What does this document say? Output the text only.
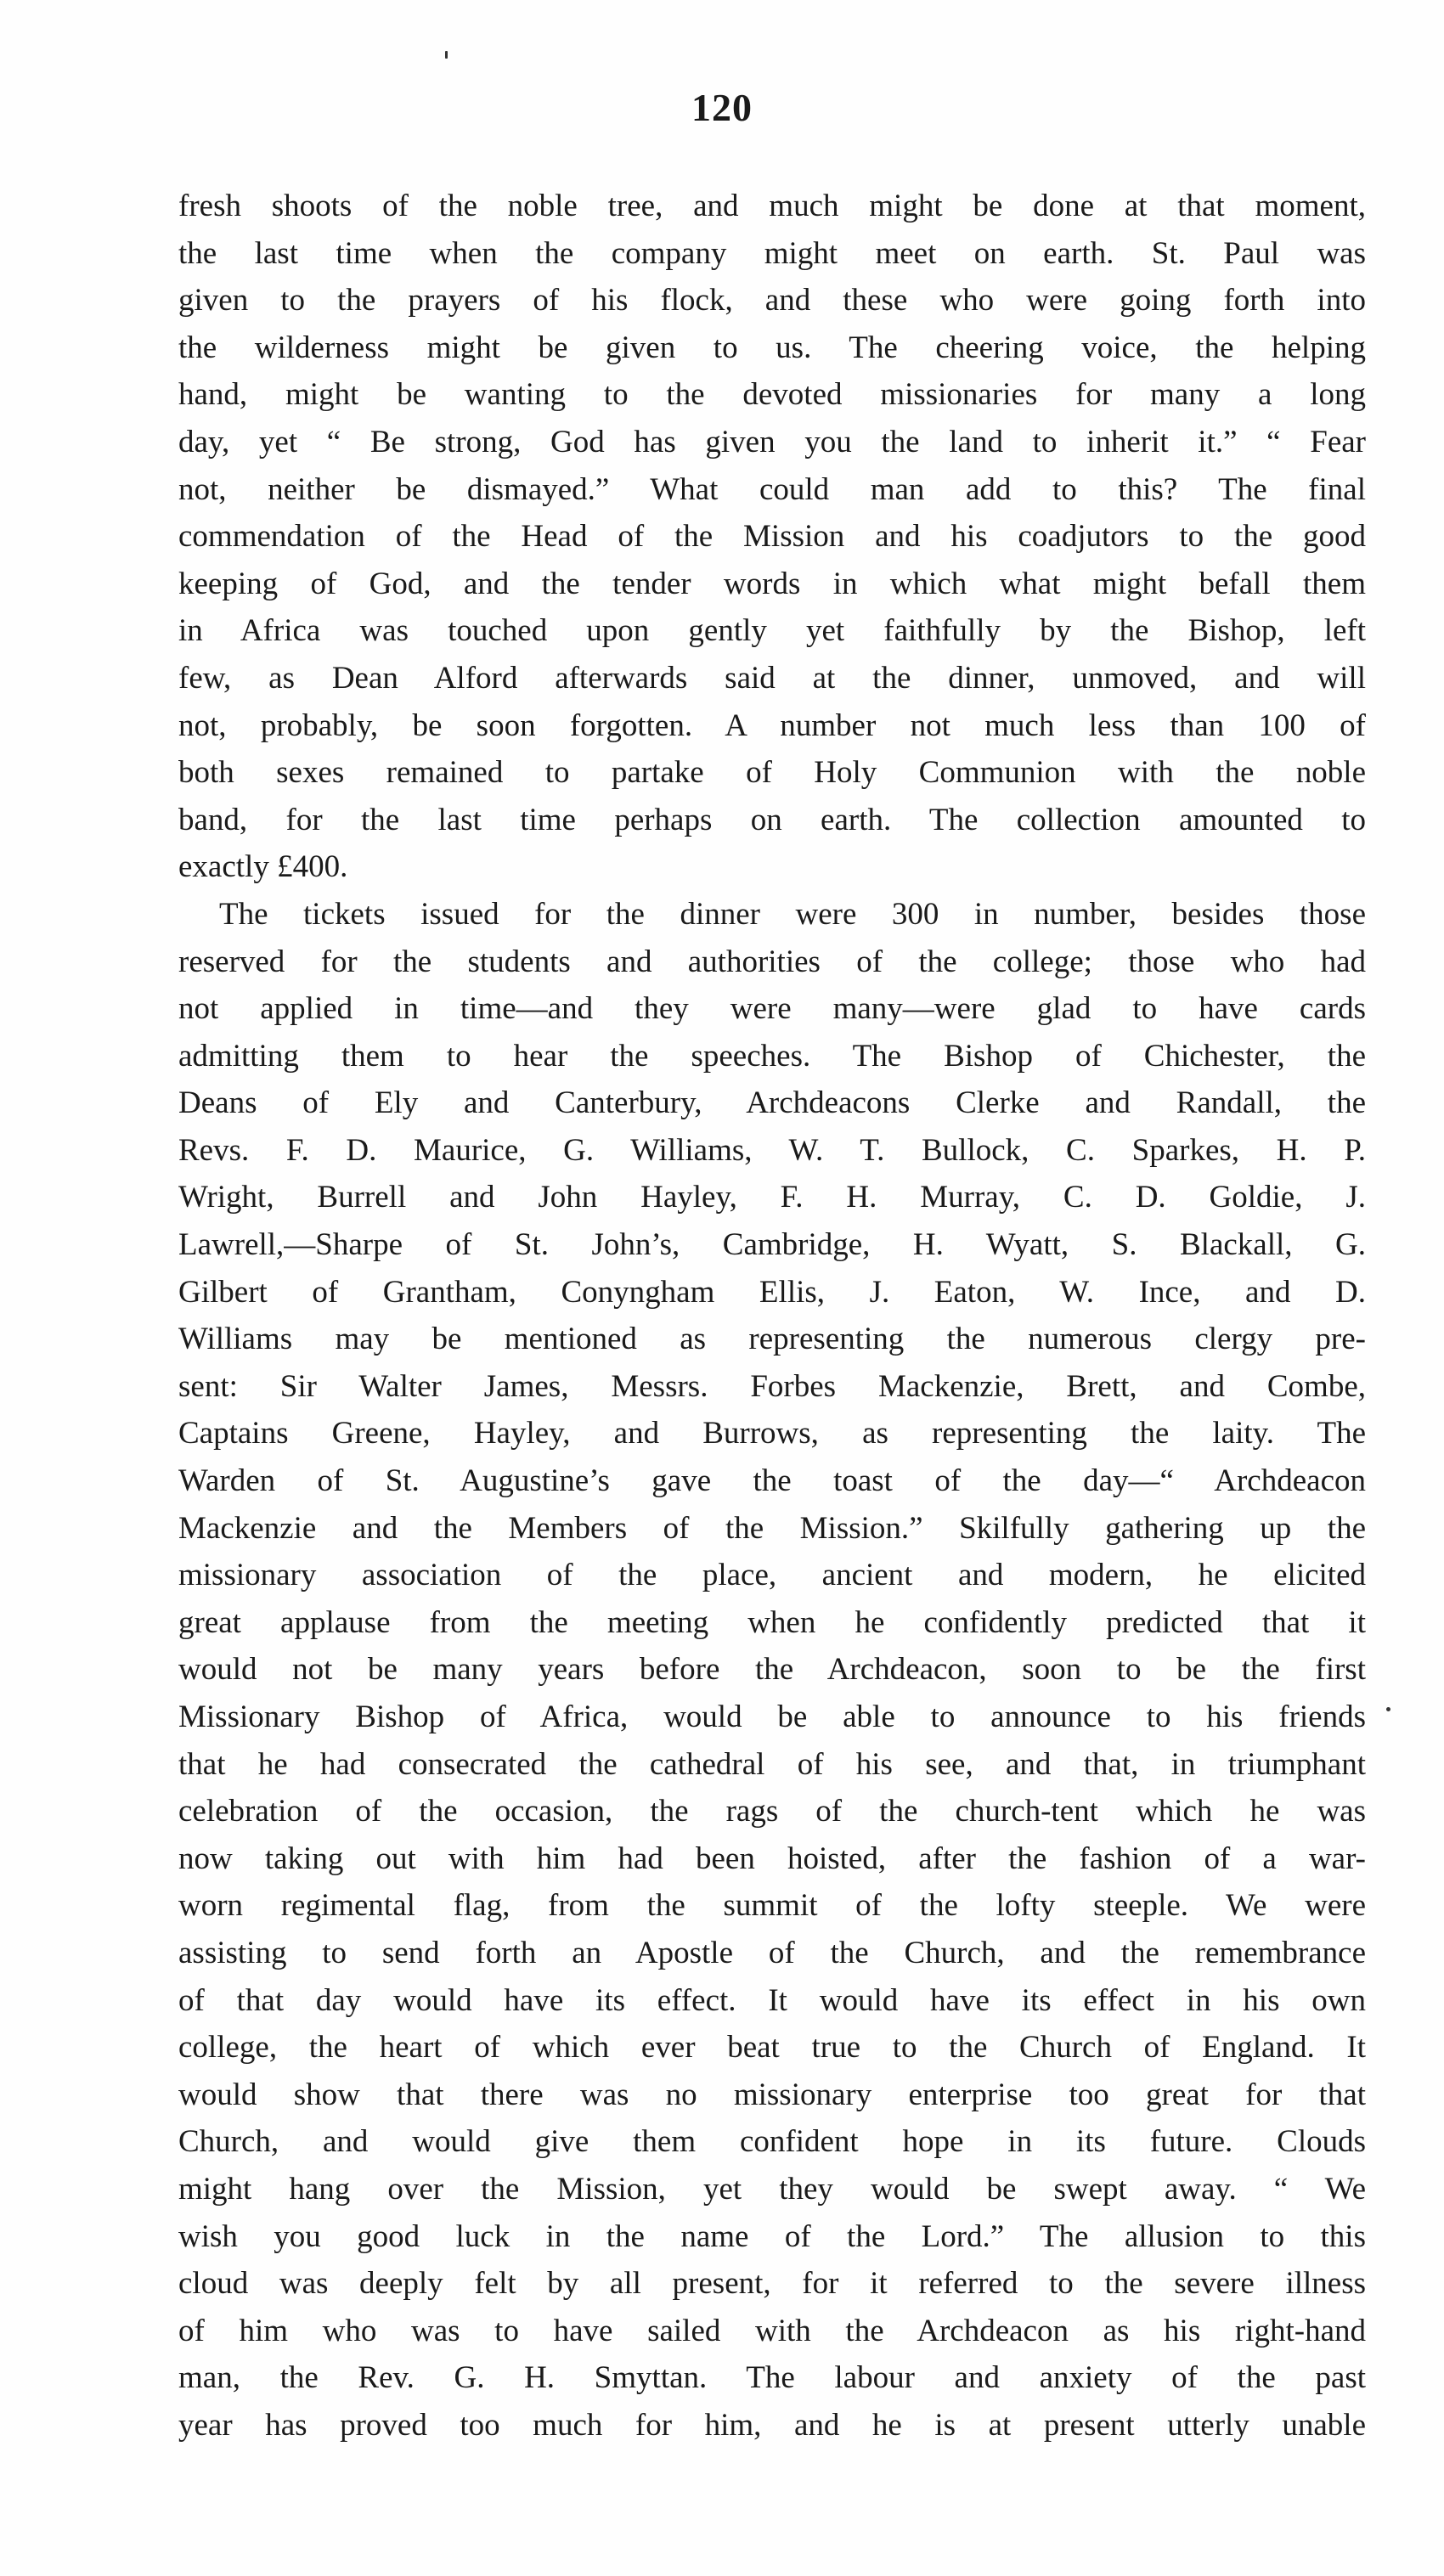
120
fresh shoots of the noble tree, and much might be done at that moment,
the last time when the company might meet on earth. St. Paul was
given to the prayers of his flock, and these who were going forth into
the wilderness might be given to us. The cheering voice, the helping
hand, might be wanting to the devoted missionaries for many a long
day, yet “ Be strong, God has given you the land to inherit it.” “ Fear
not, neither be dismayed.” What could man add to this? The final
commendation of the Head of the Mission and his coadjutors to the good
keeping of God, and the tender words in which what might befall them
in Africa was touched upon gently yet faithfully by the Bishop, left
few, as Dean Alford afterwards said at the dinner, unmoved, and will
not, probably, be soon forgotten. A number not much less than 100 of
both sexes remained to partake of Holy Communion with the noble
band, for the last time perhaps on earth. The collection amounted to
exactly £400.
The tickets issued for the dinner were 300 in number, besides those
reserved for the students and authorities of the college; those who had
not applied in time—and they were many—were glad to have cards
admitting them to hear the speeches. The Bishop of Chichester, the
Deans of Ely and Canterbury, Archdeacons Clerke and Randall, the
Revs. F. D. Maurice, G. Williams, W. T. Bullock, C. Sparkes, H. P.
Wright, Burrell and John Hayley, F. H. Murray, C. D. Goldie, J.
Lawrell,—Sharpe of St. John’s, Cambridge, H. Wyatt, S. Blackall, G.
Gilbert of Grantham, Conyngham Ellis, J. Eaton, W. Ince, and D.
Williams may be mentioned as representing the numerous clergy pre-
sent: Sir Walter James, Messrs. Forbes Mackenzie, Brett, and Combe,
Captains Greene, Hayley, and Burrows, as representing the laity. The
Warden of St. Augustine’s gave the toast of the day—“ Archdeacon
Mackenzie and the Members of the Mission.” Skilfully gathering up the
missionary association of the place, ancient and modern, he elicited
great applause from the meeting when he confidently predicted that it
would not be many years before the Archdeacon, soon to be the first
Missionary Bishop of Africa, would be able to announce to his friends
that he had consecrated the cathedral of his see, and that, in triumphant
celebration of the occasion, the rags of the church-tent which he was
now taking out with him had been hoisted, after the fashion of a war-
worn regimental flag, from the summit of the lofty steeple. We were
assisting to send forth an Apostle of the Church, and the remembrance
of that day would have its effect. It would have its effect in his own
college, the heart of which ever beat true to the Church of England. It
would show that there was no missionary enterprise too great for that
Church, and would give them confident hope in its future. Clouds
might hang over the Mission, yet they would be swept away. “ We
wish you good luck in the name of the Lord.” The allusion to this
cloud was deeply felt by all present, for it referred to the severe illness
of him who was to have sailed with the Archdeacon as his right-hand
man, the Rev. G. H. Smyttan. The labour and anxiety of the past
year has proved too much for him, and he is at present utterly unable
